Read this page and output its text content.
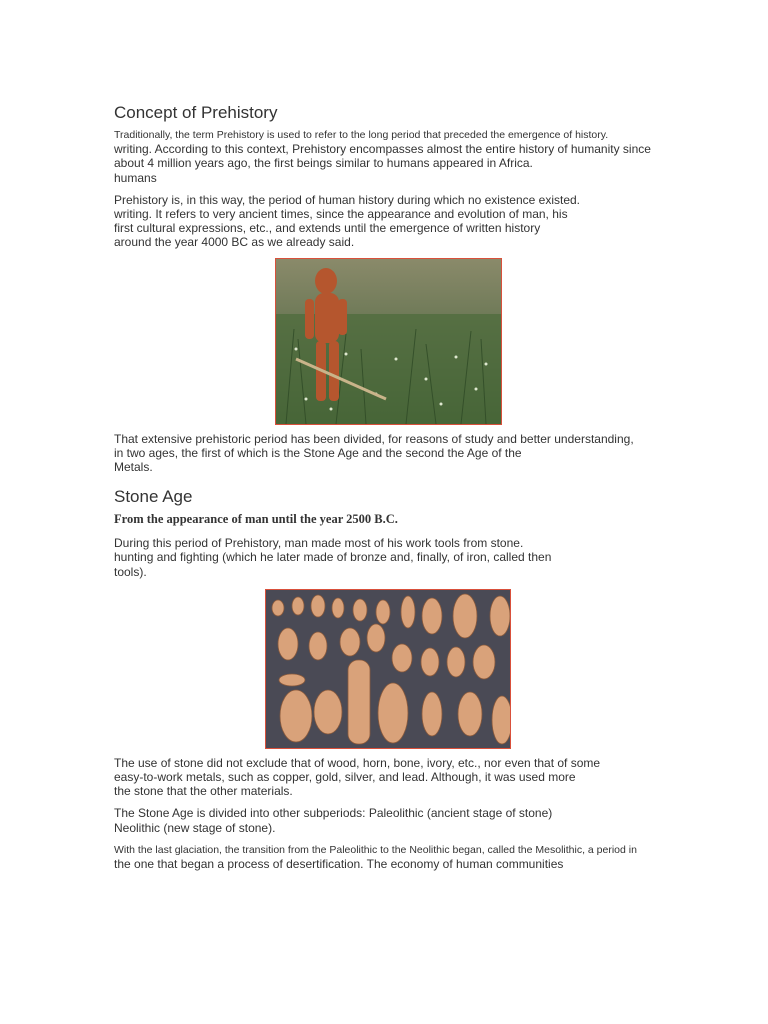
Concept of Prehistory
Traditionally, the term Prehistory is used to refer to the long period that preceded the emergence of history.
writing. According to this context, Prehistory encompasses almost the entire history of humanity since
about 4 million years ago, the first beings similar to humans appeared in Africa.
humans
Prehistory is, in this way, the period of human history during which no existence existed.
writing. It refers to very ancient times, since the appearance and evolution of man, his
first cultural expressions, etc., and extends until the emergence of written history
around the year 4000 BC as we already said.
That extensive prehistoric period has been divided, for reasons of study and better understanding,
in two ages, the first of which is the Stone Age and the second the Age of the
Metals.
Stone Age
From the appearance of man until the year 2500 B.C.
During this period of Prehistory, man made most of his work tools from stone.
hunting and fighting (which he later made of bronze and, finally, of iron, called then
tools).
The use of stone did not exclude that of wood, horn, bone, ivory, etc., nor even that of some
easy-to-work metals, such as copper, gold, silver, and lead. Although, it was used more
the stone that the other materials.
The Stone Age is divided into other subperiods: Paleolithic (ancient stage of stone)
Neolithic (new stage of stone).
With the last glaciation, the transition from the Paleolithic to the Neolithic began, called the Mesolithic, a period in
the one that began a process of desertification. The economy of human communities
